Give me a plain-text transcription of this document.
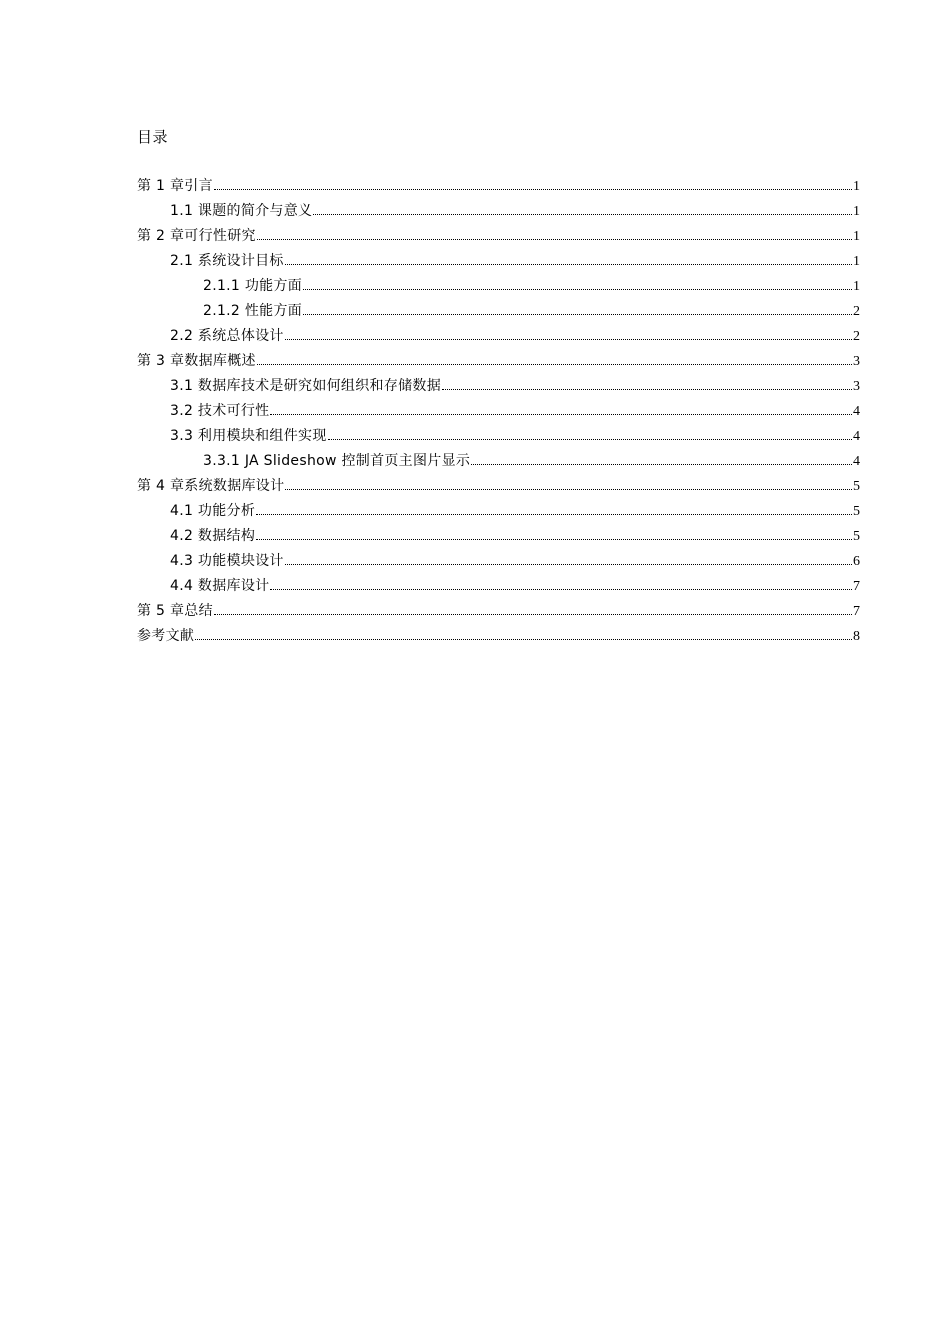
目录
第 1 章引言	1
1.1 课题的简介与意义	1
第 2 章可行性研究	1
2.1 系统设计目标	1
2.1.1 功能方面	1
2.1.2 性能方面	2
2.2 系统总体设计	2
第 3 章数据库概述	3
3.1 数据库技术是研究如何组织和存储数据	3
3.2 技术可行性	4
3.3 利用模块和组件实现	4
3.3.1 JA Slideshow 控制首页主图片显示	4
第 4 章系统数据库设计	5
4.1 功能分析	5
4.2 数据结构	5
4.3 功能模块设计	6
4.4 数据库设计	7
第 5 章总结	7
参考文献	8
